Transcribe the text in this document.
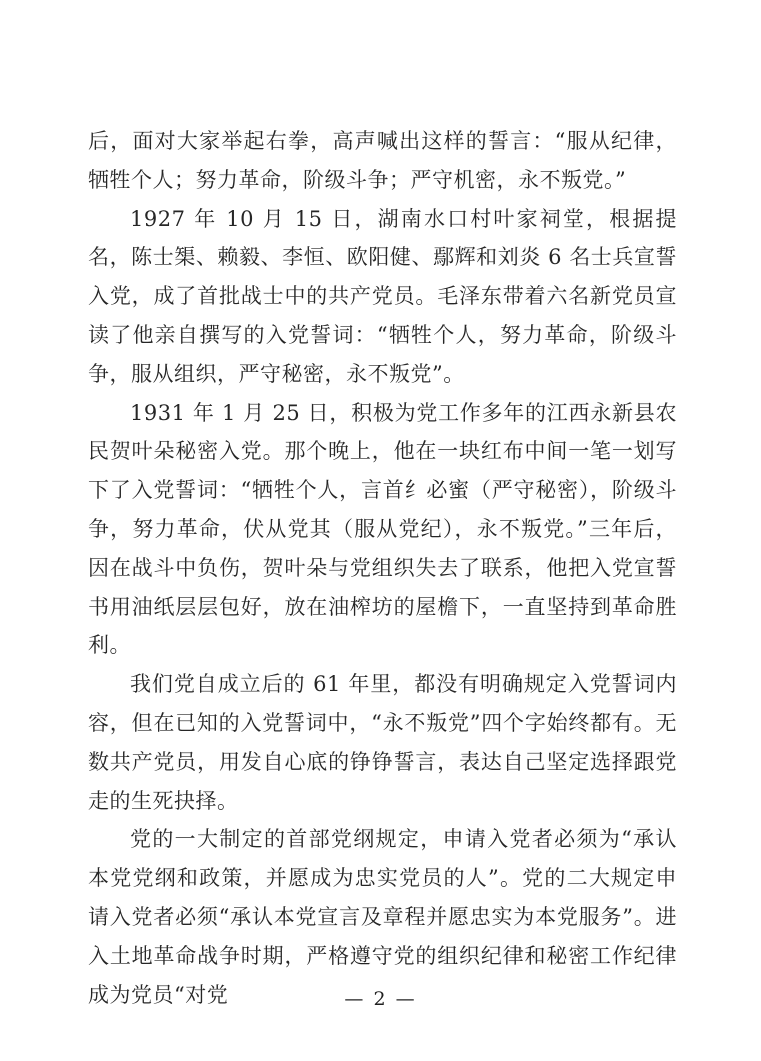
后，面对大家举起右拳，高声喊出这样的誓言：“服从纪律，牺牲个人；努力革命，阶级斗争；严守机密，永不叛党。”

1927 年 10 月 15 日，湖南水口村叶家祠堂，根据提名，陈士榘、赖毅、李恒、欧阳健、鄢辉和刘炎 6 名士兵宣誓入党，成了首批战士中的共产党员。毛泽东带着六名新党员宣读了他亲自撰写的入党誓词：“牺牲个人，努力革命，阶级斗争，服从组织，严守秘密，永不叛党”。

1931 年 1 月 25 日，积极为党工作多年的江西永新县农民贺叶朵秘密入党。那个晚上，他在一块红布中间一笔一划写下了入党誓词：“牺牲个人，言首纟必蜜（严守秘密），阶级斗争，努力革命，伏从党其（服从党纪），永不叛党。”三年后，因在战斗中负伤，贺叶朵与党组织失去了联系，他把入党宣誓书用油纸层层包好，放在油榨坊的屋檐下，一直坚持到革命胜利。

我们党自成立后的 61 年里，都没有明确规定入党誓词内容，但在已知的入党誓词中，“永不叛党”四个字始终都有。无数共产党员，用发自心底的铮铮誓言，表达自己坚定选择跟党走的生死抉择。

党的一大制定的首部党纲规定，申请入党者必须为“承认本党党纲和政策，并愿成为忠实党员的人”。党的二大规定申请入党者必须“承认本党宣言及章程并愿忠实为本党服务”。进入土地革命战争时期，严格遵守党的组织纪律和秘密工作纪律成为党员“对党	— 2 —
